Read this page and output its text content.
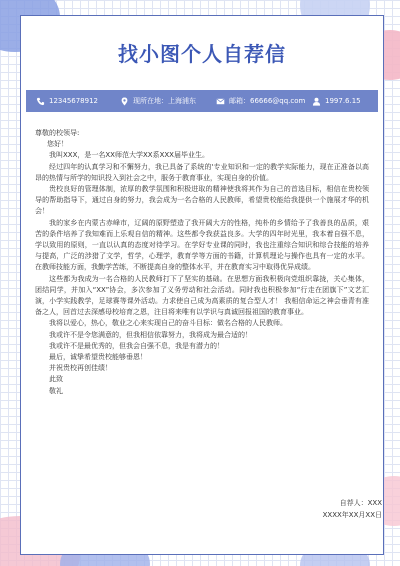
找小图个人自荐信
12345678912	现所在地：上海浦东	邮箱：66666@qq.com	1997.6.15

尊敬的校领导:

您好！

我叫XXX，是一名XX师范大学XX系XXX届毕业生。

经过四年的认真学习和不懈努力，我已具备了系统的'专业知识和一定的教学实际能力，现在正准备以高昂的热情与所学的知识投入到社会之中，服务于教育事业，实现自身的价值。

贵校良好的管理体制，浓厚的教学氛围和积极进取的精神使我将其作为自己的首选目标，相信在贵校领导的帮助指导下，通过自身的努力，我会成为一名合格的人民教师，希望贵校能给我提供一个施展才华的机会！

我的家乡在内蒙古赤峰市，辽阔的原野塑造了我开阔大方的性格，纯朴的乡情给予了我善良的品质，艰苦的条件培养了我知难而上乐观自信的精神。这些都令我获益良多。大学的四年时光里，我本着自强不息，学以致用的原则，一直以认真的态度对待学习。在学好专业课的同时，我也注重综合知识和综合技能的培养与提高，广泛的涉猎了文学，哲学，心理学，教育学等方面的书籍，计算机理论与操作也具有一定的水平。在教师技能方面，我勤学苦练，不断提高自身的整体水平，并在教育实习中取得优异成绩。

这些都为我成为一名合格的人民教师打下了坚实的基础。在思想方面我积极向党组织靠拢，关心集体，团结同学，并加入“XX”协会，多次参加了义务劳动和社会活动。同时我也积极参加“行走在团旗下”文艺汇演，小学实践教学，足球赛等课外活动。力求使自己成为高素质的复合型人才！ 我相信命运之神会垂青有准备之人，回首过去深感母校培育之恩，注目将来唯有以学识与真诚回报祖国的教育事业。

我将以爱心，热心，敬业之心来实现自己的奋斗目标：做名合格的人民教师。

我或许不是令您满意的，但我相信依靠努力，我将成为最合适的！

我或许不是最优秀的，但我会自强不息，我是有潜力的！

最后，诚挚希望贵校能够垂恩！

并祝贵校再创佳绩！

此致

敬礼

自荐人：XXX

XXXX年XX月XX日
